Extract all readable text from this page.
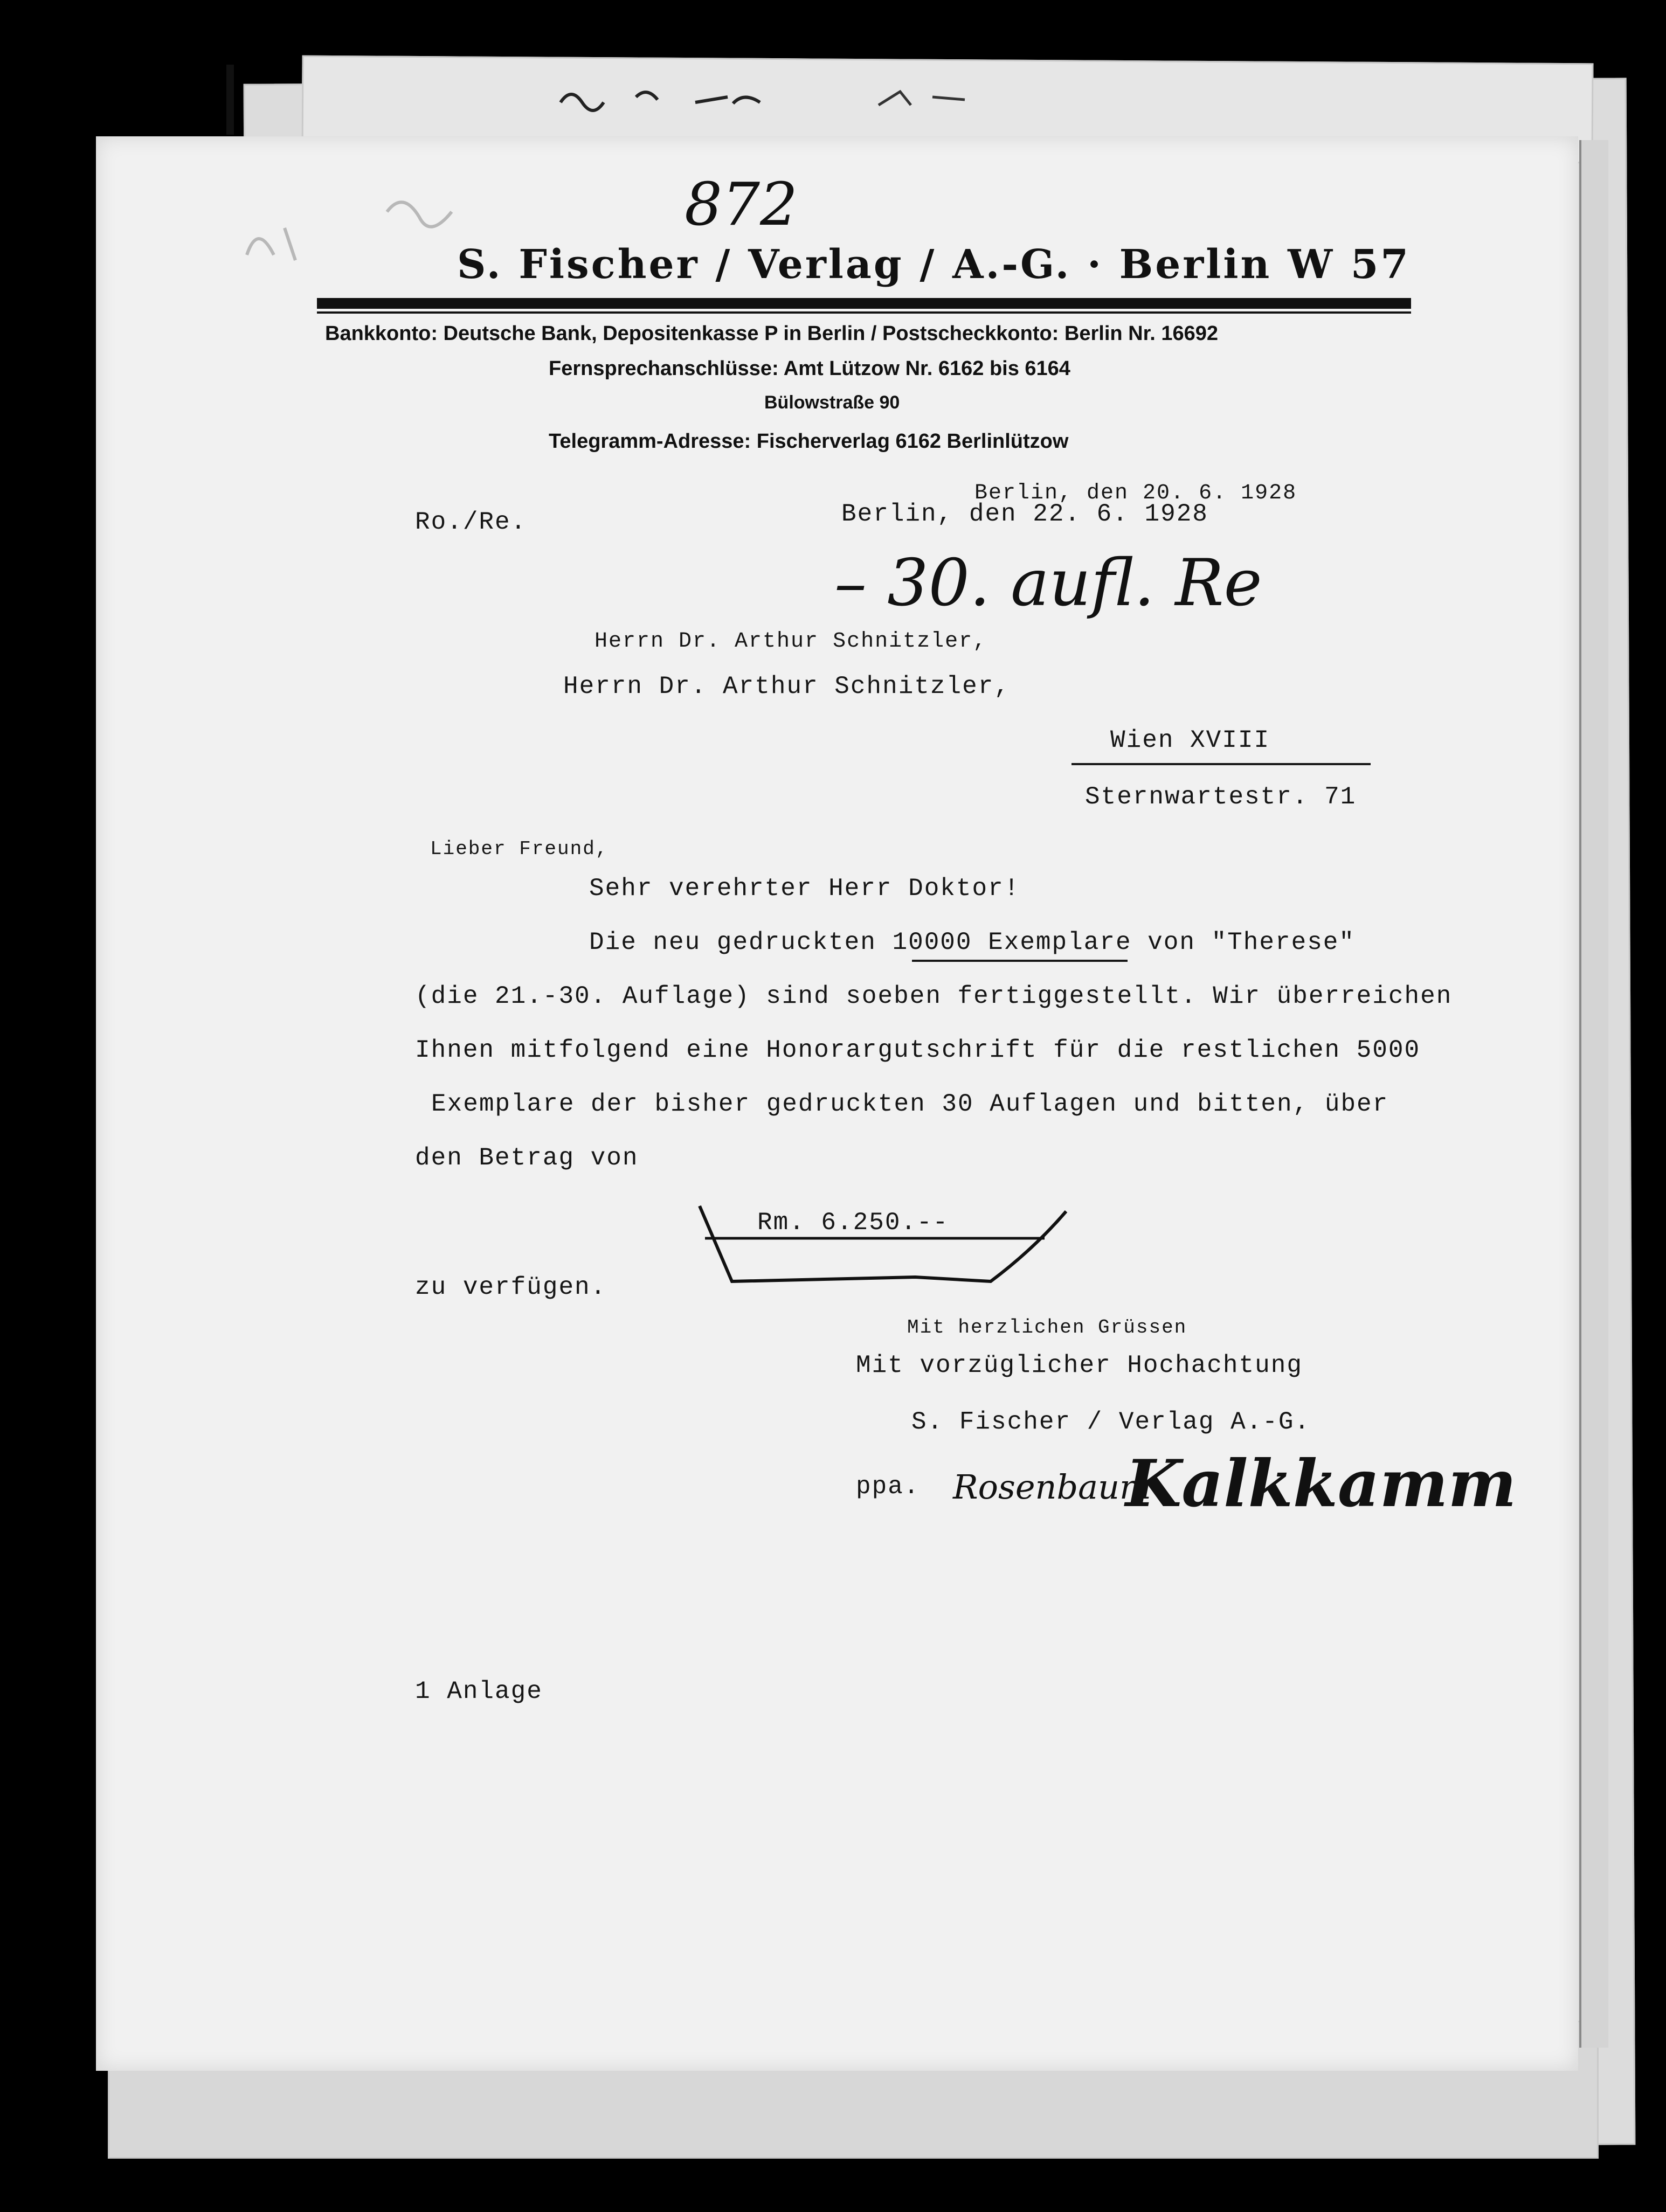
872
S. Fischer / Verlag / A.-G. · Berlin W 57
Bankkonto: Deutsche Bank, Depositenkasse P in Berlin / Postscheckkonto: Berlin Nr. 16692
Fernsprechanschlüsse: Amt Lützow Nr. 6162 bis 6164
Bülowstraße 90
Telegramm-Adresse: Fischerverlag 6162 Berlinlützow
Ro./Re.	Berlin, den 22. 6. 1928
Berlin, den 20. 6. 1928
– 30. aufl. Re
Herrn Dr. Arthur Schnitzler,
Lieber Freund,
Herrn Dr. Arthur Schnitzler,
Wien XVIII
Sternwartestr. 71
Sehr verehrter Herr Doktor!
Die neu gedruckten 10000 Exemplare von "Therese"
(die 21.-30. Auflage) sind soeben fertiggestellt. Wir überreichen
Ihnen mitfolgend eine Honorargutschrift für die restlichen 5000
Exemplare der bisher gedruckten 30 Auflagen und bitten, über
den Betrag von
Rm. 6.250.--
zu verfügen.
Mit herzlichen Grüssen
Mit vorzüglicher Hochachtung
S. Fischer / Verlag A.-G.
ppa. Rosenbaum
Kalkkamm
1 Anlage
